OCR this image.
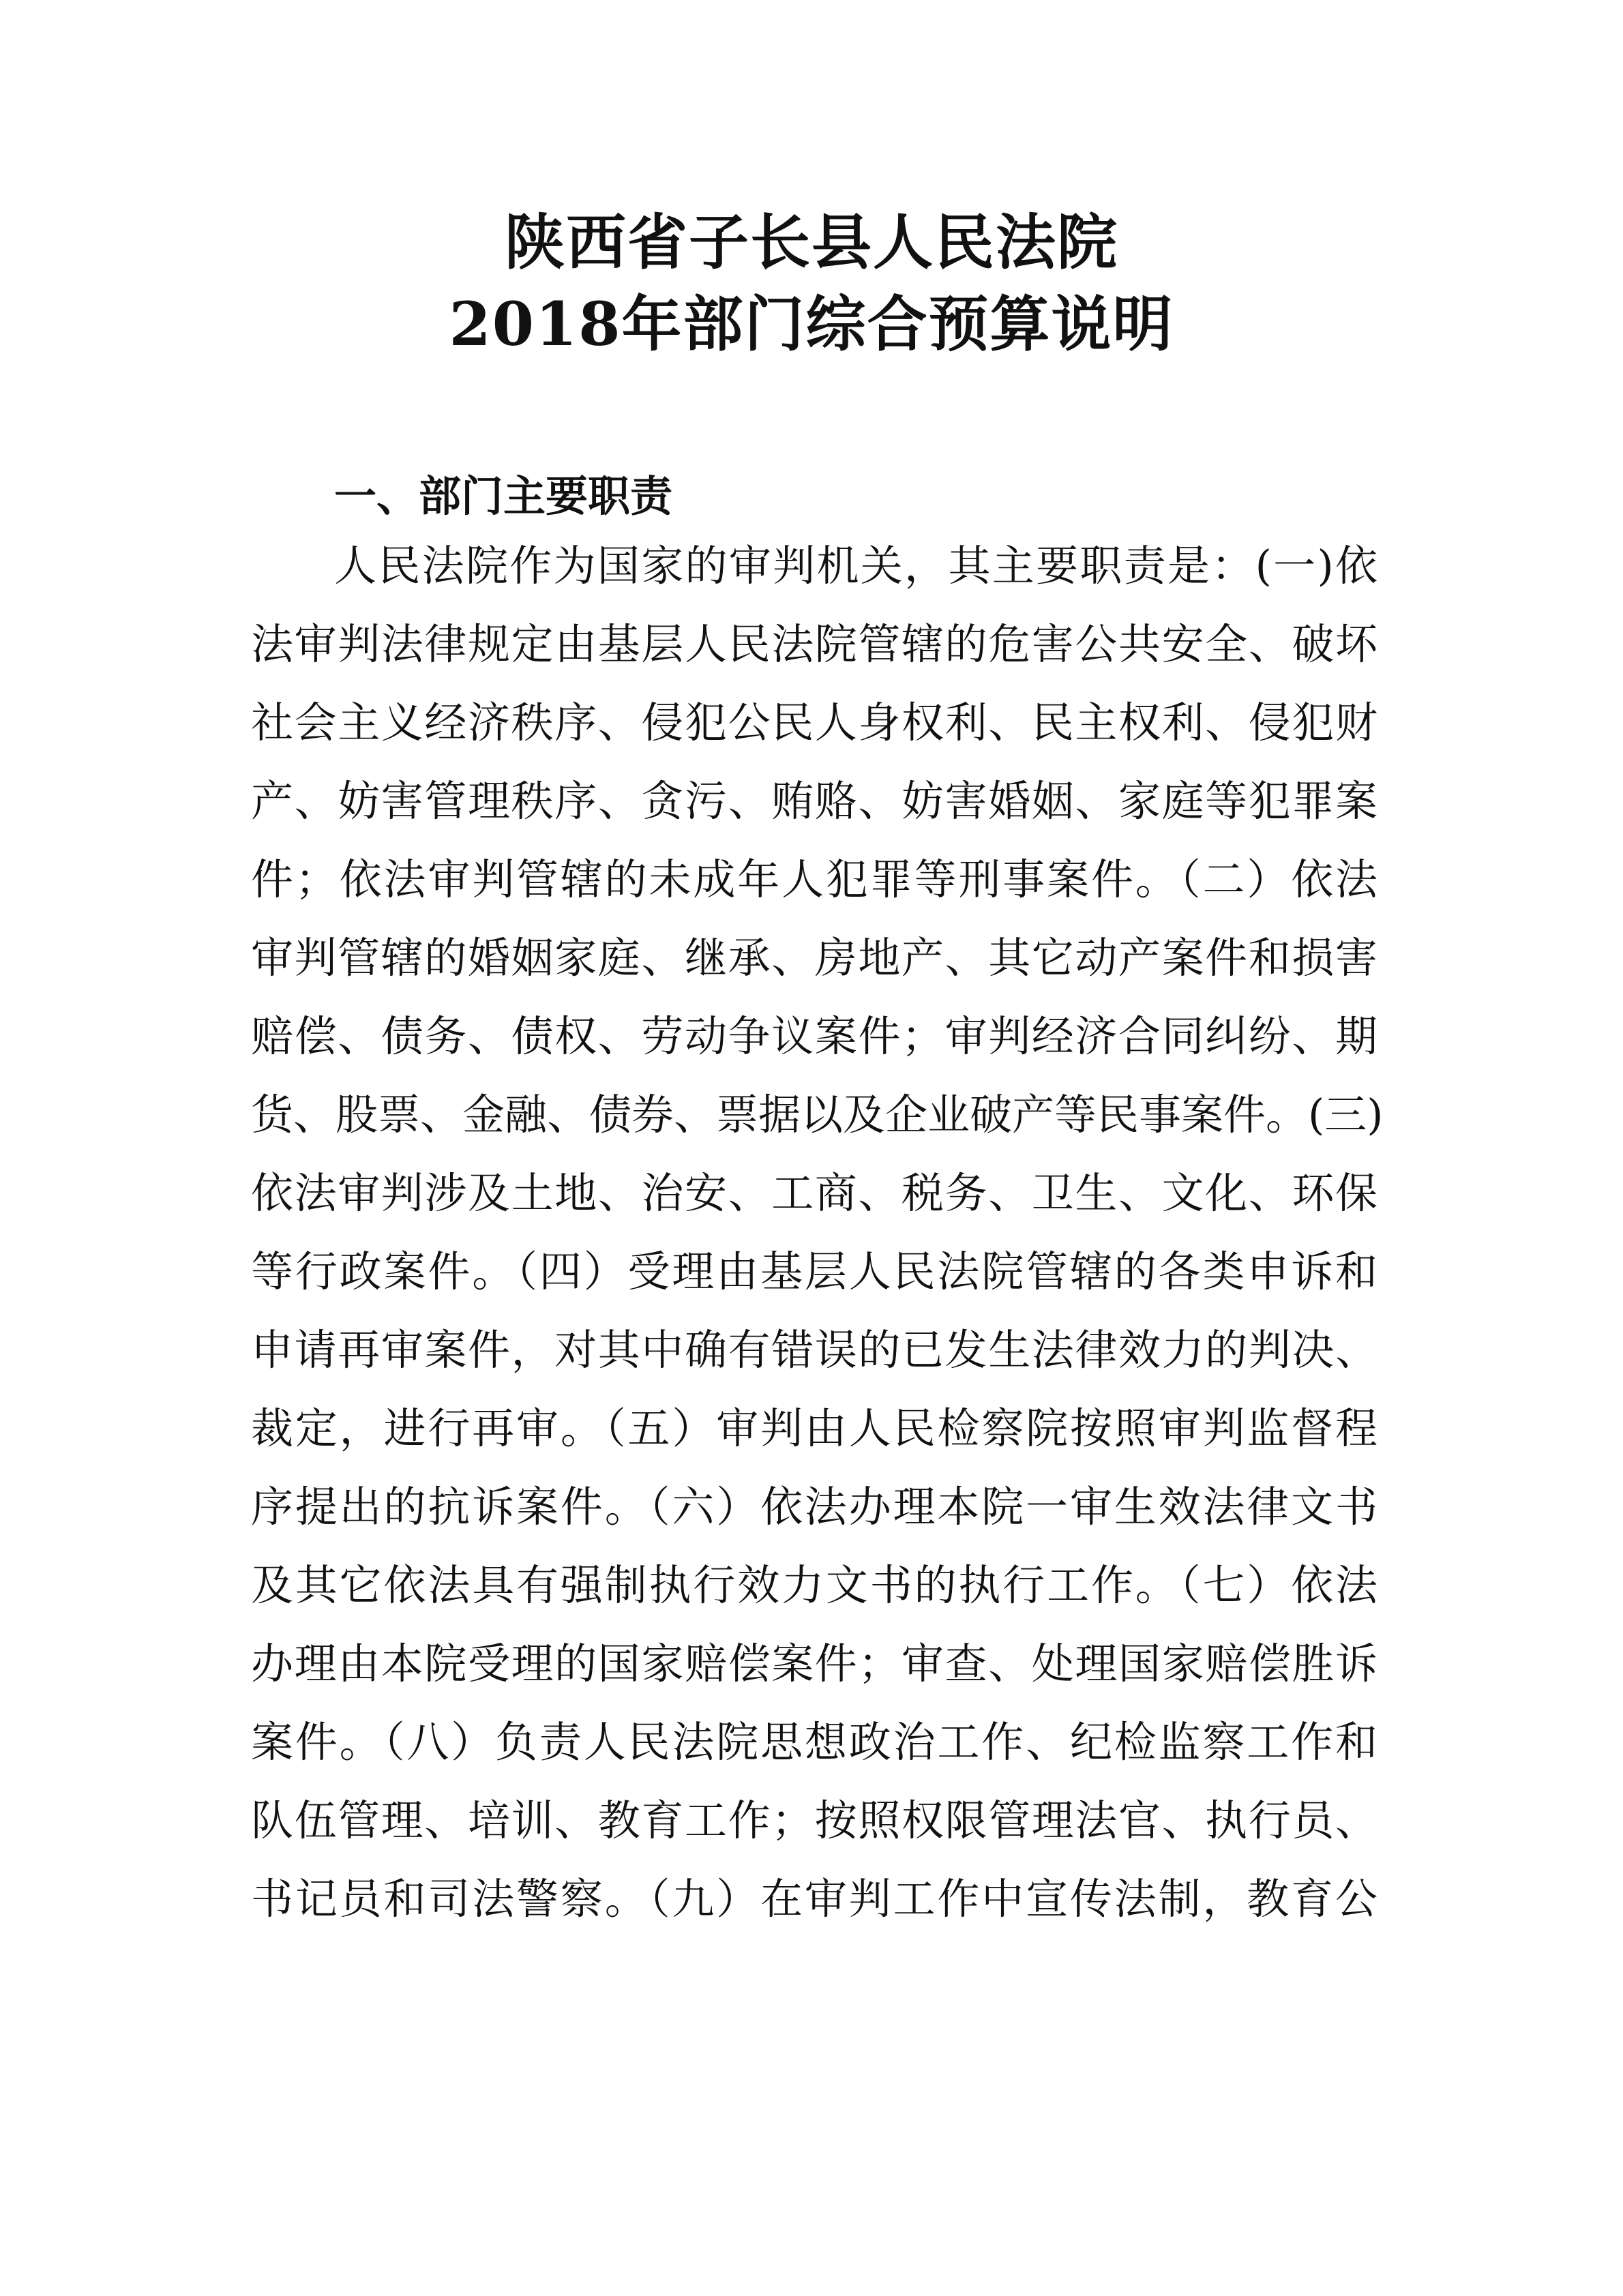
陕西省子长县人民法院
2018年部门综合预算说明
一、部门主要职责
人民法院作为国家的审判机关，其主要职责是：(一)依
法审判法律规定由基层人民法院管辖的危害公共安全、破坏
社会主义经济秩序、侵犯公民人身权利、民主权利、侵犯财
产、妨害管理秩序、贪污、贿赂、妨害婚姻、家庭等犯罪案
件；依法审判管辖的未成年人犯罪等刑事案件。（二）依法
审判管辖的婚姻家庭、继承、房地产、其它动产案件和损害
赔偿、债务、债权、劳动争议案件；审判经济合同纠纷、期
货、股票、金融、债券、票据以及企业破产等民事案件。(三)
依法审判涉及土地、治安、工商、税务、卫生、文化、环保
等行政案件。（四）受理由基层人民法院管辖的各类申诉和
申请再审案件，对其中确有错误的已发生法律效力的判决、
裁定，进行再审。（五）审判由人民检察院按照审判监督程
序提出的抗诉案件。（六）依法办理本院一审生效法律文书
及其它依法具有强制执行效力文书的执行工作。（七）依法
办理由本院受理的国家赔偿案件；审查、处理国家赔偿胜诉
案件。（八）负责人民法院思想政治工作、纪检监察工作和
队伍管理、培训、教育工作；按照权限管理法官、执行员、
书记员和司法警察。（九）在审判工作中宣传法制，教育公
